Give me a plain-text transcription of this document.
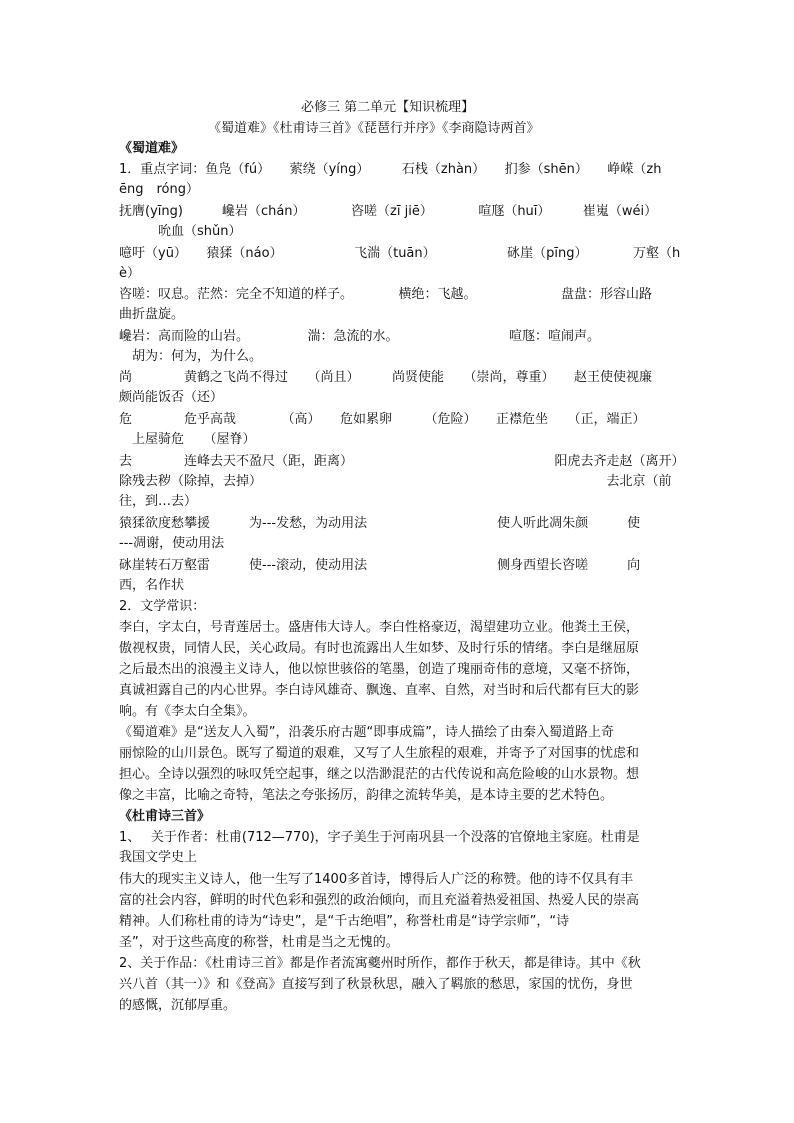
必修三 第二单元【知识梳理】
《蜀道难》《杜甫诗三首》《琵琶行并序》《李商隐诗两首》
《蜀道难》
1．重点字词：鱼凫（fú）　　萦绕（yíng）　　　石栈（zhàn）　　扪参（shēn）　　峥嵘（zh
ēng　róng）
抚膺(yīng)　　　巉岩（chán）　　　　咨嗟（zī jiē）　　　　喧豗（huī）　　　崔嵬（wéi）
　　　吮血（shǔn）
噫吁（yū）　　猿猱（náo）　　　　　　飞湍（tuān）　　　　　　砯崖（pīng）　　　　万壑（h
è）
咨嗟：叹息。茫然：完全不知道的样子。　　　　横绝：飞越。　　　　　　　盘盘：形容山路
曲折盘旋。
巉岩：高而险的山岩。　　　　　湍：急流的水。　　　　　　　　　喧豗：喧闹声。
　胡为：何为，为什么。
尚　　　　黄鹤之飞尚不得过　　（尚且）　　　尚贤使能　　（崇尚，尊重）　　赵王使使视廉
颇尚能饭否（还）
危　　　　危乎高哉　　　　（高）　　危如累卵　　　（危险）　　正襟危坐　　（正，端正）
　上屋骑危　　（屋脊）
去　　　　连峰去天不盈尺（距，距离）　　　　　　　　　　　　　　　　阳虎去齐走赵（离开）
除残去秽（除掉，去掉）　　　　　　　　　　　　　　　　　　　　　　　　　　　去北京（前
往，到…去）
猿猱欲度愁攀援　　　为---发愁，为动用法　　　　　　　　　　使人听此凋朱颜　　　使
---凋谢，使动用法
砯崖转石万壑雷　　　使---滚动，使动用法　　　　　　　　　　侧身西望长咨嗟　　　向
西，名作状
2．文学常识：
李白，字太白，号青莲居士。盛唐伟大诗人。李白性格豪迈，渴望建功立业。他粪土王侯，
傲视权贵，同情人民，关心政局。有时也流露出人生如梦、及时行乐的情绪。李白是继屈原
之后最杰出的浪漫主义诗人，他以惊世骇俗的笔墨，创造了瑰丽奇伟的意境，又毫不挤饰，
真诚袒露自己的内心世界。李白诗风雄奇、飘逸、直率、自然，对当时和后代都有巨大的影
响。有《李太白全集》。
《蜀道难》是“送友人入蜀”，沿袭乐府古题“即事成篇”，诗人描绘了由秦入蜀道路上奇
丽惊险的山川景色。既写了蜀道的艰难，又写了人生旅程的艰难，并寄予了对国事的忧虑和
担心。全诗以强烈的咏叹凭空起事，继之以浩渺混茫的古代传说和高危险峻的山水景物。想
像之丰富，比喻之奇特，笔法之夸张扬厉，韵律之流转华美，是本诗主要的艺术特色。
《杜甫诗三首》
1、　 关于作者：杜甫(712—770)，字子美生于河南巩县一个没落的官僚地主家庭。杜甫是
我国文学史上
伟大的现实主义诗人，他一生写了1400多首诗，博得后人广泛的称赞。他的诗不仅具有丰
富的社会内容，鲜明的时代色彩和强烈的政治倾向，而且充溢着热爱祖国、热爱人民的崇高
精神。人们称杜甫的诗为“诗史”，是“千古绝唱”，称誉杜甫是“诗学宗师”，“诗
圣”，对于这些高度的称誉，杜甫是当之无愧的。
2、关于作品：《杜甫诗三首》都是作者流寓夔州时所作，都作于秋天，都是律诗。其中《秋
兴八首（其一）》和《登高》直接写到了秋景秋思，融入了羁旅的愁思，家国的忧伤，身世
的感慨，沉郁厚重。
